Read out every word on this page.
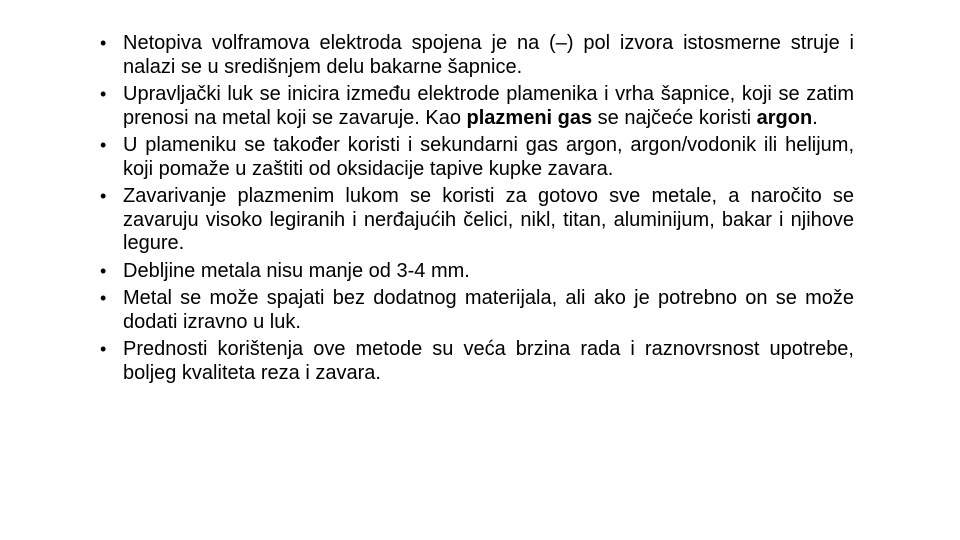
• Netopiva volframova elektroda spojena je na (–) pol izvora istosmerne struje i nalazi se u središnjem delu bakarne šapnice.
• Upravljački luk se inicira između elektrode plamenika i vrha šapnice, koji se zatim prenosi na metal koji se zavaruje. Kao plazmeni gas se najčeće koristi argon.
• U plameniku se također koristi i sekundarni gas argon, argon/vodonik ili helijum, koji pomaže u zaštiti od oksidacije tapive kupke zavara.
• Zavarivanje plazmenim lukom se koristi za gotovo sve metale, a naročito se zavaruju visoko legiranih i nerđajućih čelici, nikl, titan, aluminijum, bakar i njihove legure.
• Debljine metala nisu manje od 3-4 mm.
• Metal se može spajati bez dodatnog materijala, ali ako je potrebno on se može dodati izravno u luk.
• Prednosti korištenja ove metode su veća brzina rada i raznovrsnost upotrebe, boljeg kvaliteta reza i zavara.
